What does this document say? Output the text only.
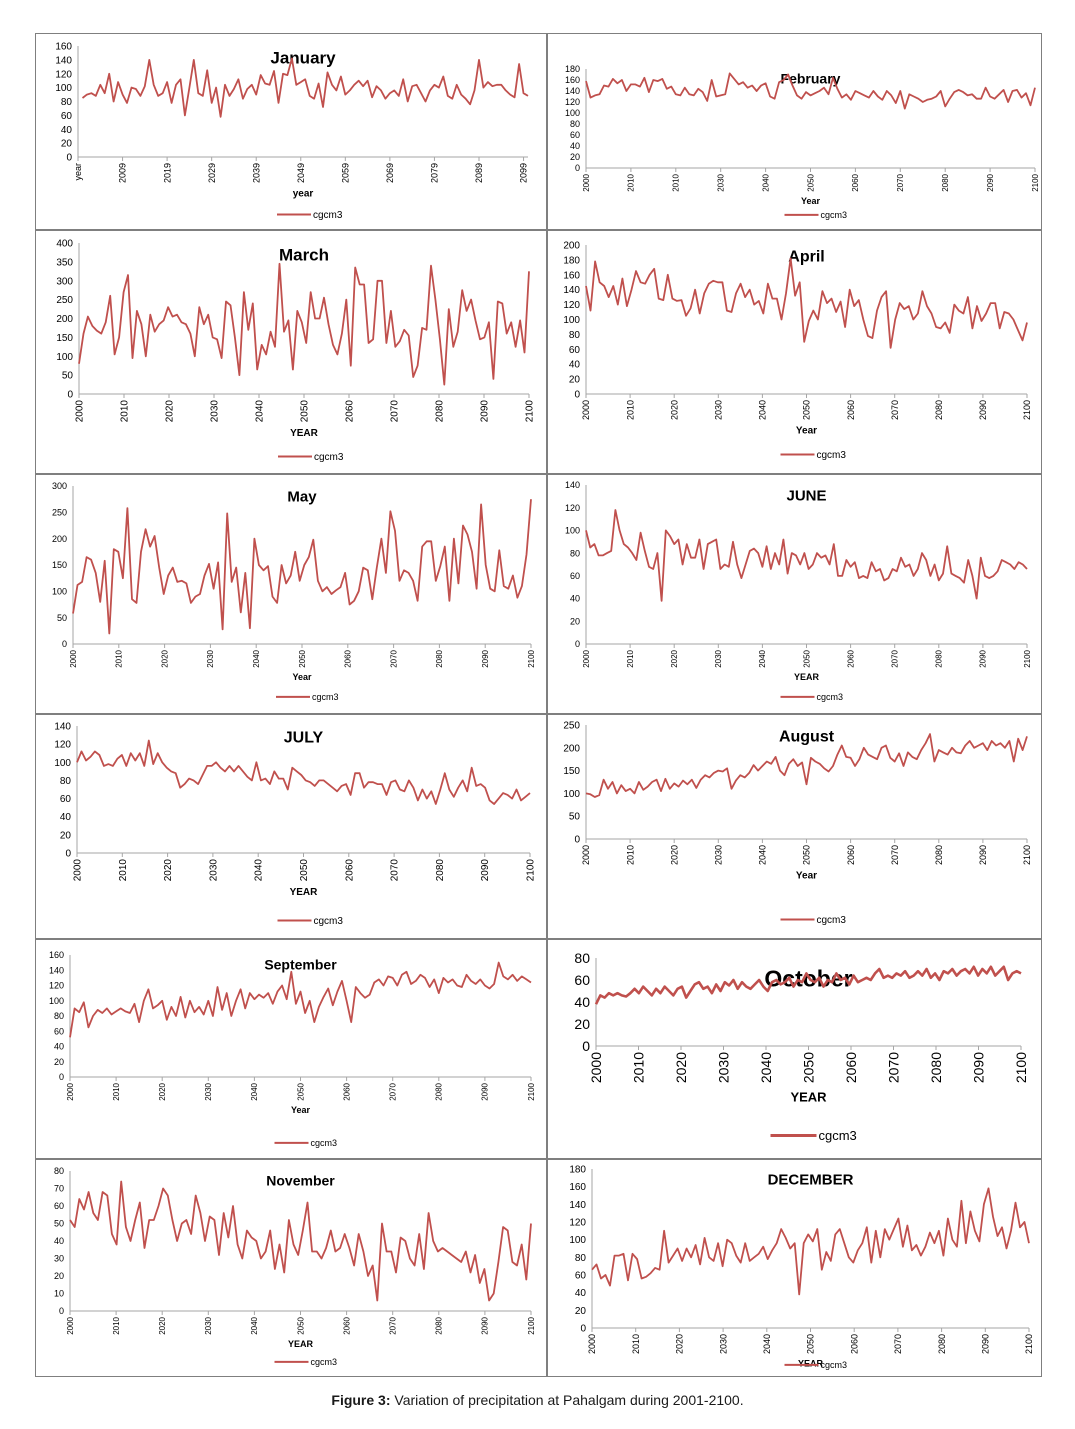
0
20
40
60
80
100
120
140
160
year	2009	2019	2029	2039	2049	2059	2069	2079	2089	2099
January
year
cgcm3
0
20
40
60
80
100
120
140
160
180
2000	2010	2010	2030	2040	2050	2060	2070	2080	2090	2100
February
Year
cgcm3
0
50
100
150
200
250
300
350
400
2000	2010	2020	2030	2040	2050	2060	2070	2080	2090	2100
March
YEAR
cgcm3
0
20
40
60
80
100
120
140
160
180
200
2000	2010	2020	2030	2040	2050	2060	2070	2080	2090	2100
April
Year
cgcm3
0
50
100
150
200
250
300
2000	2010	2020	2030	2040	2050	2060	2070	2080	2090	2100
May
Year
cgcm3
0
20
40
60
80
100
120
140
2000	2010	2020	2030	2040	2050	2060	2070	2080	2090	2100
JUNE
YEAR
cgcm3
0
20
40
60
80
100
120
140
2000	2010	2020	2030	2040	2050	2060	2070	2080	2090	2100
JULY
YEAR
cgcm3
0
50
100
150
200
250
2000	2010	2020	2030	2040	2050	2060	2070	2080	2090	2100
August
Year
cgcm3
0
20
40
60
80
100
120
140
160
2000	2010	2020	2030	2040	2050	2060	2070	2080	2090	2100
September
Year
cgcm3
0
20
40
60
80
2000 2010 2020 2030 2040 2050 2060 2070 2080 2090 2100
October
YEAR
cgcm3
0
10
20
30
40
50
60
70
80
2000	2010	2020	2030	2040	2050	2060	2070	2080	2090	2100
November
YEAR
cgcm3
0
20
40
60
80
100
120
140
160
180
2000	2010	2020	2030	2040	2050	2060	2070	2080	2090	2100
DECEMBER
YEAR
cgcm3
Figure 3: Variation of precipitation at Pahalgam during 2001-2100.
